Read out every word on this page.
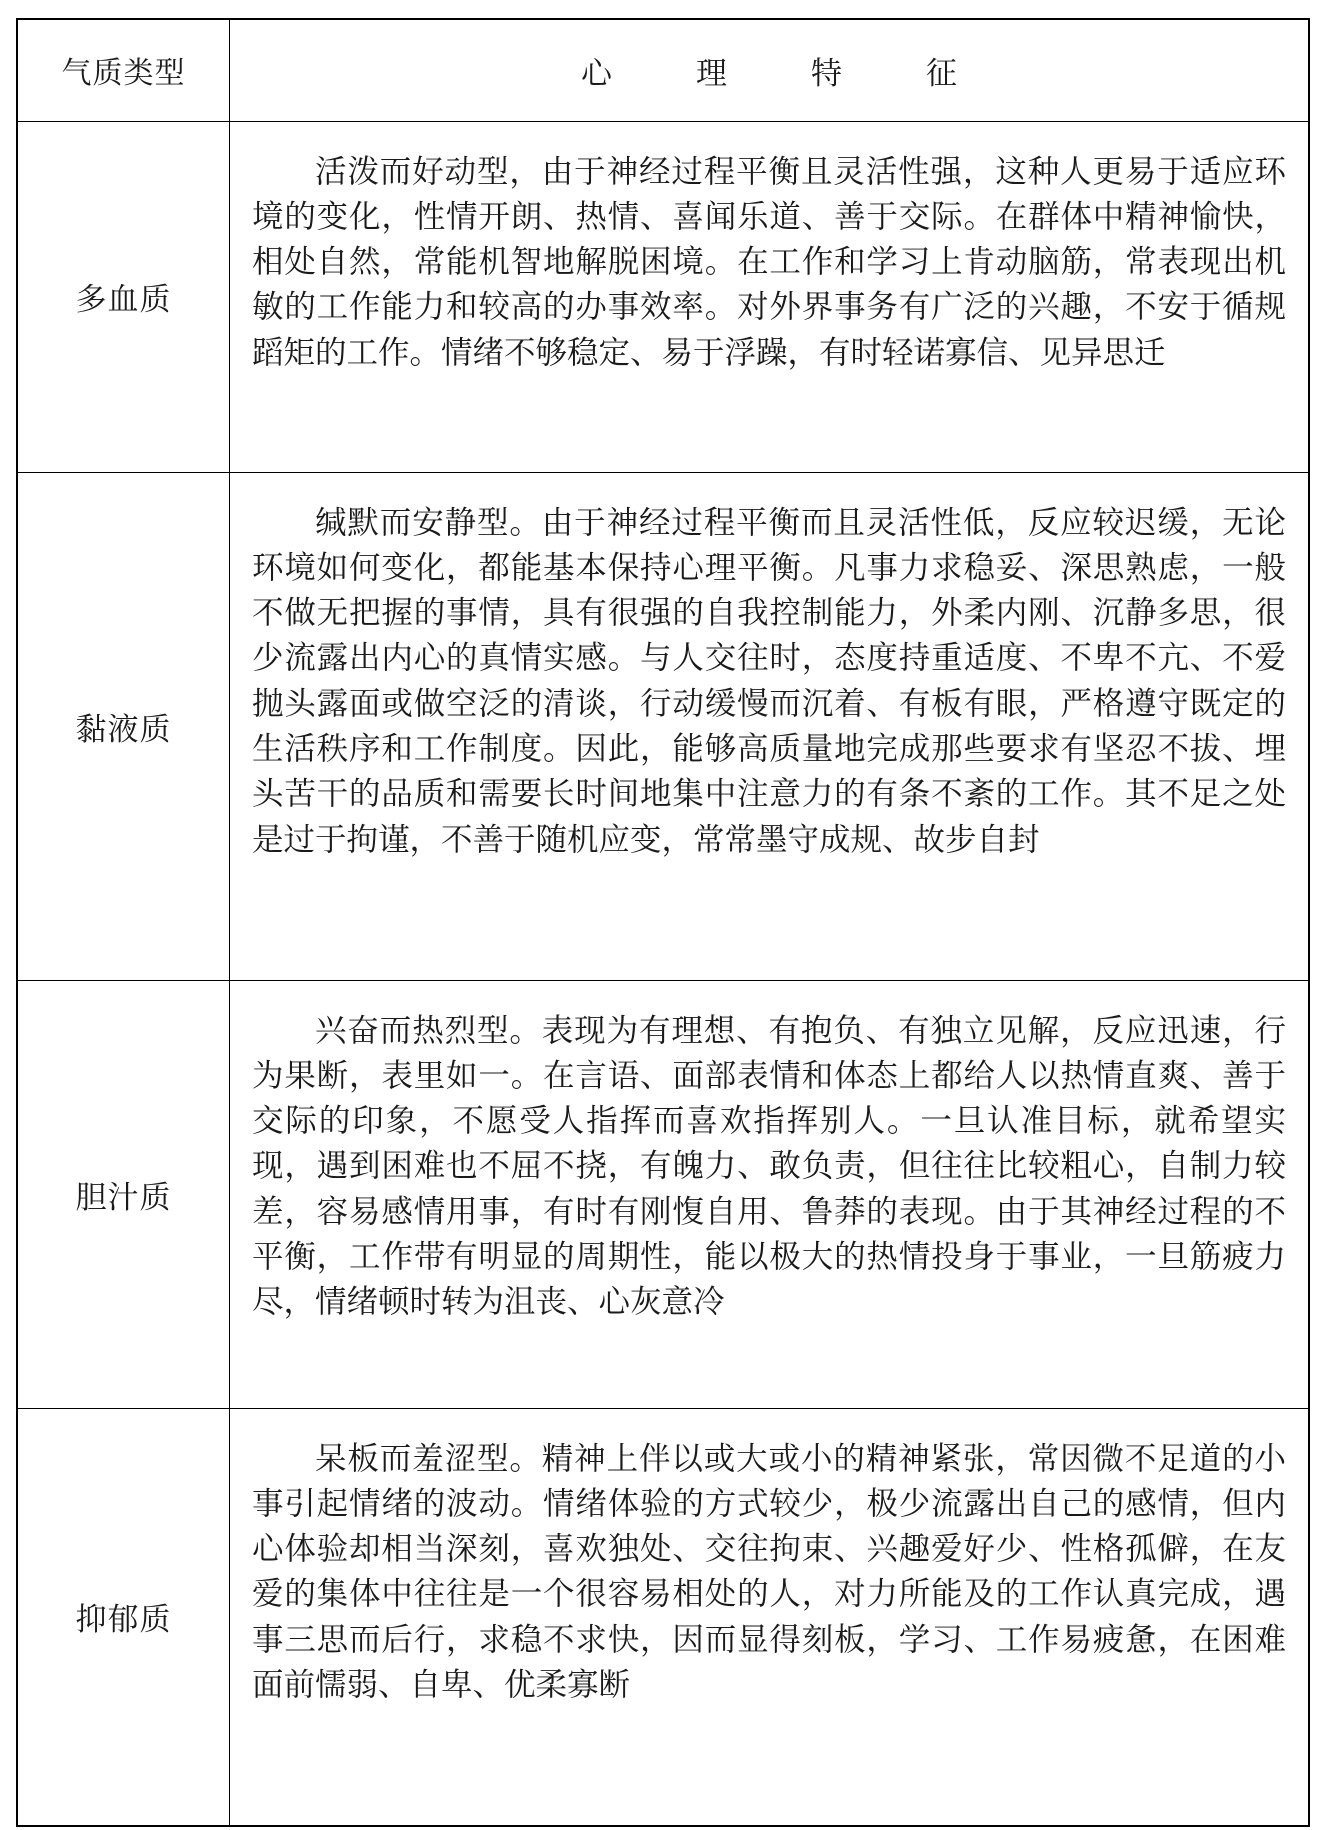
气质类型	心 理 特 征
多血质	活泼而好动型，由于神经过程平衡且灵活性强，这种人更易于适应环境的变化，性情开朗、热情、喜闻乐道、善于交际。在群体中精神愉快，相处自然，常能机智地解脱困境。在工作和学习上肯动脑筋，常表现出机敏的工作能力和较高的办事效率。对外界事务有广泛的兴趣，不安于循规蹈矩的工作。情绪不够稳定、易于浮躁，有时轻诺寡信、见异思迁

黏液质	缄默而安静型。由于神经过程平衡而且灵活性低，反应较迟缓，无论环境如何变化，都能基本保持心理平衡。凡事力求稳妥、深思熟虑，一般不做无把握的事情，具有很强的自我控制能力，外柔内刚、沉静多思，很少流露出内心的真情实感。与人交往时，态度持重适度、不卑不亢、不爱抛头露面或做空泛的清谈，行动缓慢而沉着、有板有眼，严格遵守既定的生活秩序和工作制度。因此，能够高质量地完成那些要求有坚忍不拔、埋头苦干的品质和需要长时间地集中注意力的有条不紊的工作。其不足之处是过于拘谨，不善于随机应变，常常墨守成规、故步自封

胆汁质	兴奋而热烈型。表现为有理想、有抱负、有独立见解，反应迅速，行为果断，表里如一。在言语、面部表情和体态上都给人以热情直爽、善于交际的印象，不愿受人指挥而喜欢指挥别人。一旦认准目标，就希望实现，遇到困难也不屈不挠，有魄力、敢负责，但往往比较粗心，自制力较差，容易感情用事，有时有刚愎自用、鲁莽的表现。由于其神经过程的不平衡，工作带有明显的周期性，能以极大的热情投身于事业，一旦筋疲力尽，情绪顿时转为沮丧、心灰意冷

抑郁质	呆板而羞涩型。精神上伴以或大或小的精神紧张，常因微不足道的小事引起情绪的波动。情绪体验的方式较少，极少流露出自己的感情，但内心体验却相当深刻，喜欢独处、交往拘束、兴趣爱好少、性格孤僻，在友爱的集体中往往是一个很容易相处的人，对力所能及的工作认真完成，遇事三思而后行，求稳不求快，因而显得刻板，学习、工作易疲惫，在困难面前懦弱、自卑、优柔寡断
